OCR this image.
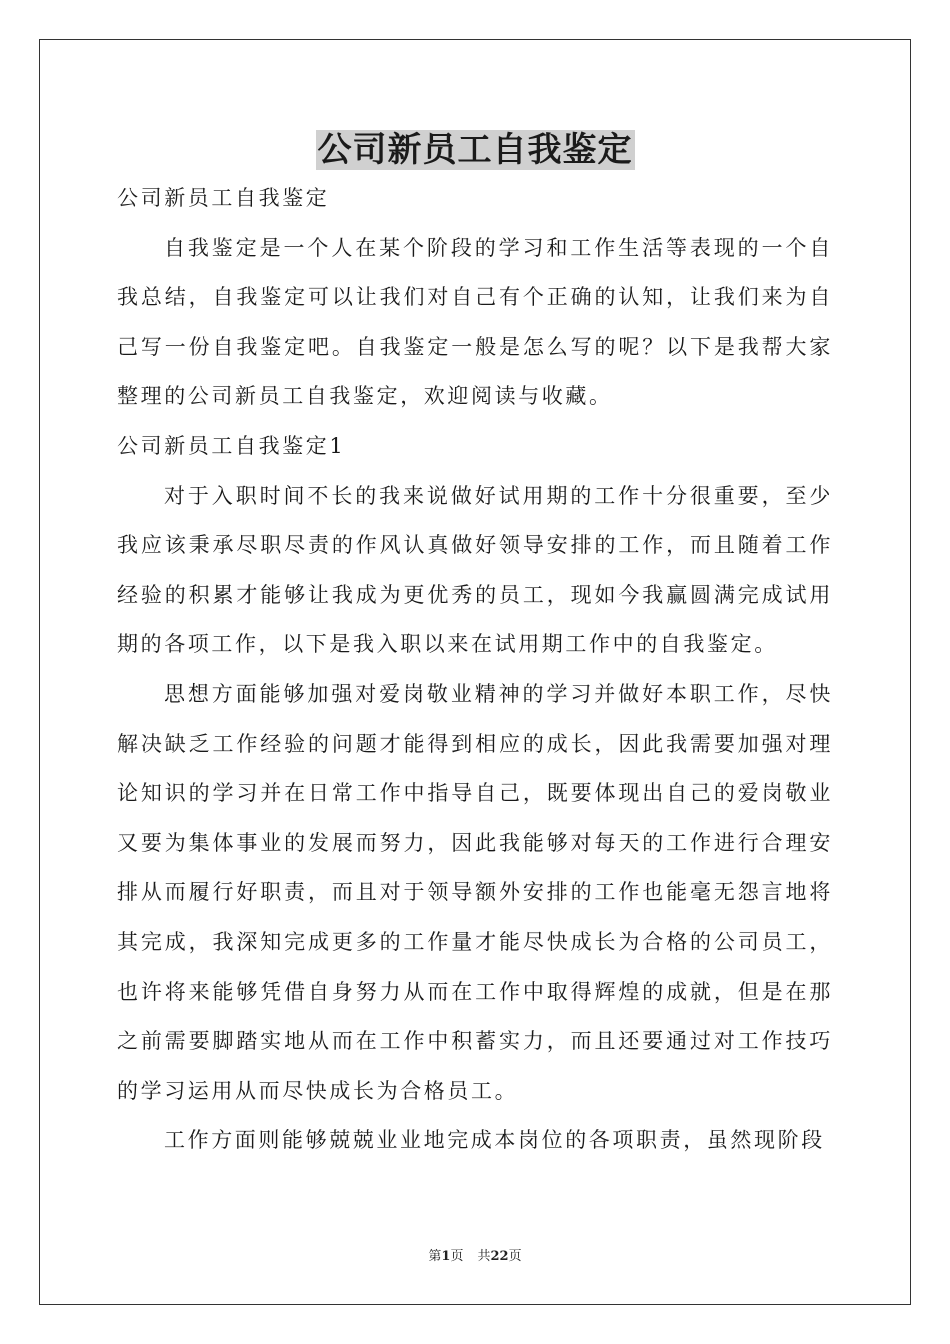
公司新员工自我鉴定

公司新员工自我鉴定

自我鉴定是一个人在某个阶段的学习和工作生活等表现的一个自我总结，自我鉴定可以让我们对自己有个正确的认知，让我们来为自己写一份自我鉴定吧。自我鉴定一般是怎么写的呢？以下是我帮大家整理的公司新员工自我鉴定，欢迎阅读与收藏。

公司新员工自我鉴定1

对于入职时间不长的我来说做好试用期的工作十分很重要，至少我应该秉承尽职尽责的作风认真做好领导安排的工作，而且随着工作经验的积累才能够让我成为更优秀的员工，现如今我赢圆满完成试用期的各项工作，以下是我入职以来在试用期工作中的自我鉴定。

思想方面能够加强对爱岗敬业精神的学习并做好本职工作，尽快解决缺乏工作经验的问题才能得到相应的成长，因此我需要加强对理论知识的学习并在日常工作中指导自己，既要体现出自己的爱岗敬业又要为集体事业的发展而努力，因此我能够对每天的工作进行合理安排从而履行好职责，而且对于领导额外安排的工作也能毫无怨言地将其完成，我深知完成更多的工作量才能尽快成长为合格的公司员工，也许将来能够凭借自身努力从而在工作中取得辉煌的成就，但是在那之前需要脚踏实地从而在工作中积蓄实力，而且还要通过对工作技巧的学习运用从而尽快成长为合格员工。

工作方面则能够兢兢业业地完成本岗位的各项职责，虽然现阶段

第1页 共22页
